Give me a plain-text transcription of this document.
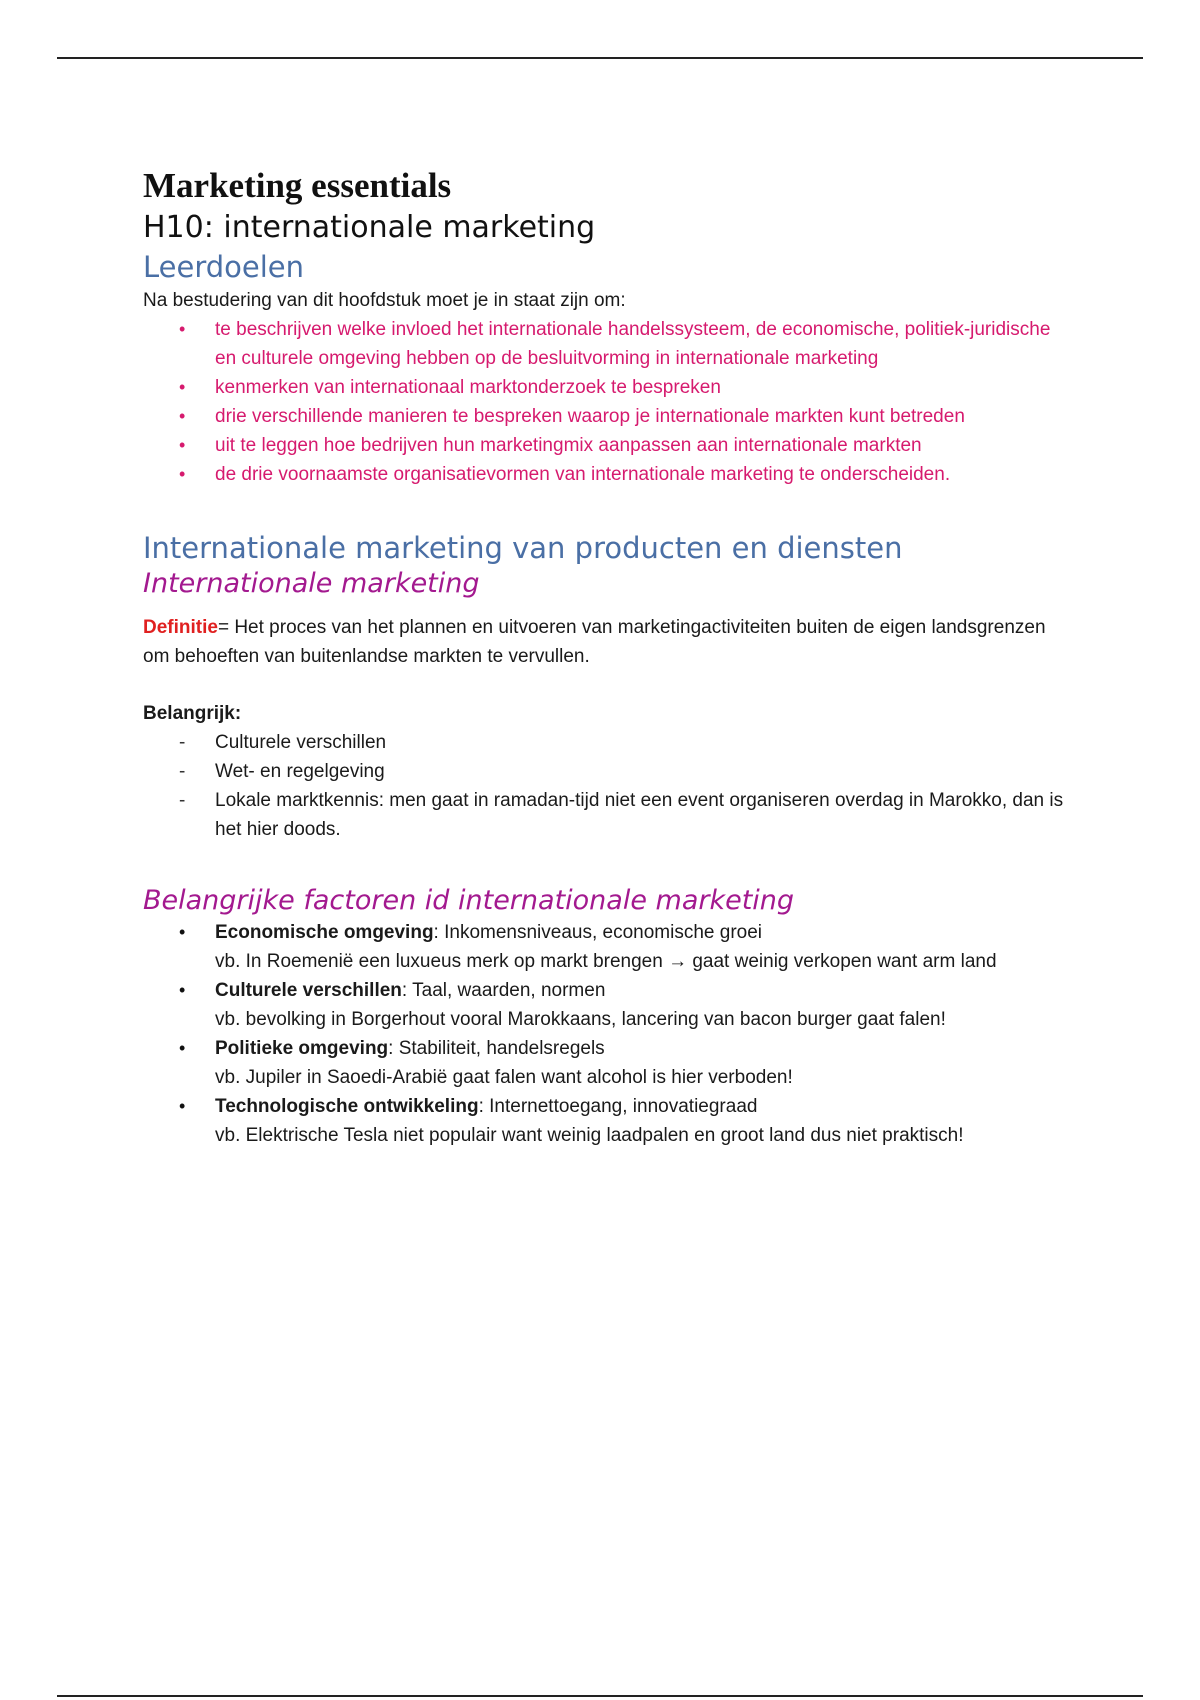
Marketing essentials
H10: internationale marketing
Leerdoelen

Na bestudering van dit hoofdstuk moet je in staat zijn om:

• te beschrijven welke invloed het internationale handelssysteem, de economische, politiek-juridische en culturele omgeving hebben op de besluitvorming in internationale marketing
• kenmerken van internationaal marktonderzoek te bespreken
• drie verschillende manieren te bespreken waarop je internationale markten kunt betreden
• uit te leggen hoe bedrijven hun marketingmix aanpassen aan internationale markten
• de drie voornaamste organisatievormen van internationale marketing te onderscheiden.
Internationale marketing van producten en diensten
Internationale marketing

Definitie= Het proces van het plannen en uitvoeren van marketingactiviteiten buiten de eigen landsgrenzen om behoeften van buitenlandse markten te vervullen.

Belangrijk:

- Culturele verschillen
- Wet- en regelgeving
- Lokale marktkennis: men gaat in ramadan-tijd niet een event organiseren overdag in Marokko, dan is het hier doods.
Belangrijke factoren id internationale marketing
• Economische omgeving: Inkomensniveaus, economische groei
vb. In Roemenië een luxueus merk op markt brengen → gaat weinig verkopen want arm land
• Culturele verschillen: Taal, waarden, normen
vb. bevolking in Borgerhout vooral Marokkaans, lancering van bacon burger gaat falen!
• Politieke omgeving: Stabiliteit, handelsregels
vb. Jupiler in Saoedi-Arabië gaat falen want alcohol is hier verboden!
• Technologische ontwikkeling: Internettoegang, innovatiegraad
vb. Elektrische Tesla niet populair want weinig laadpalen en groot land dus niet praktisch!
